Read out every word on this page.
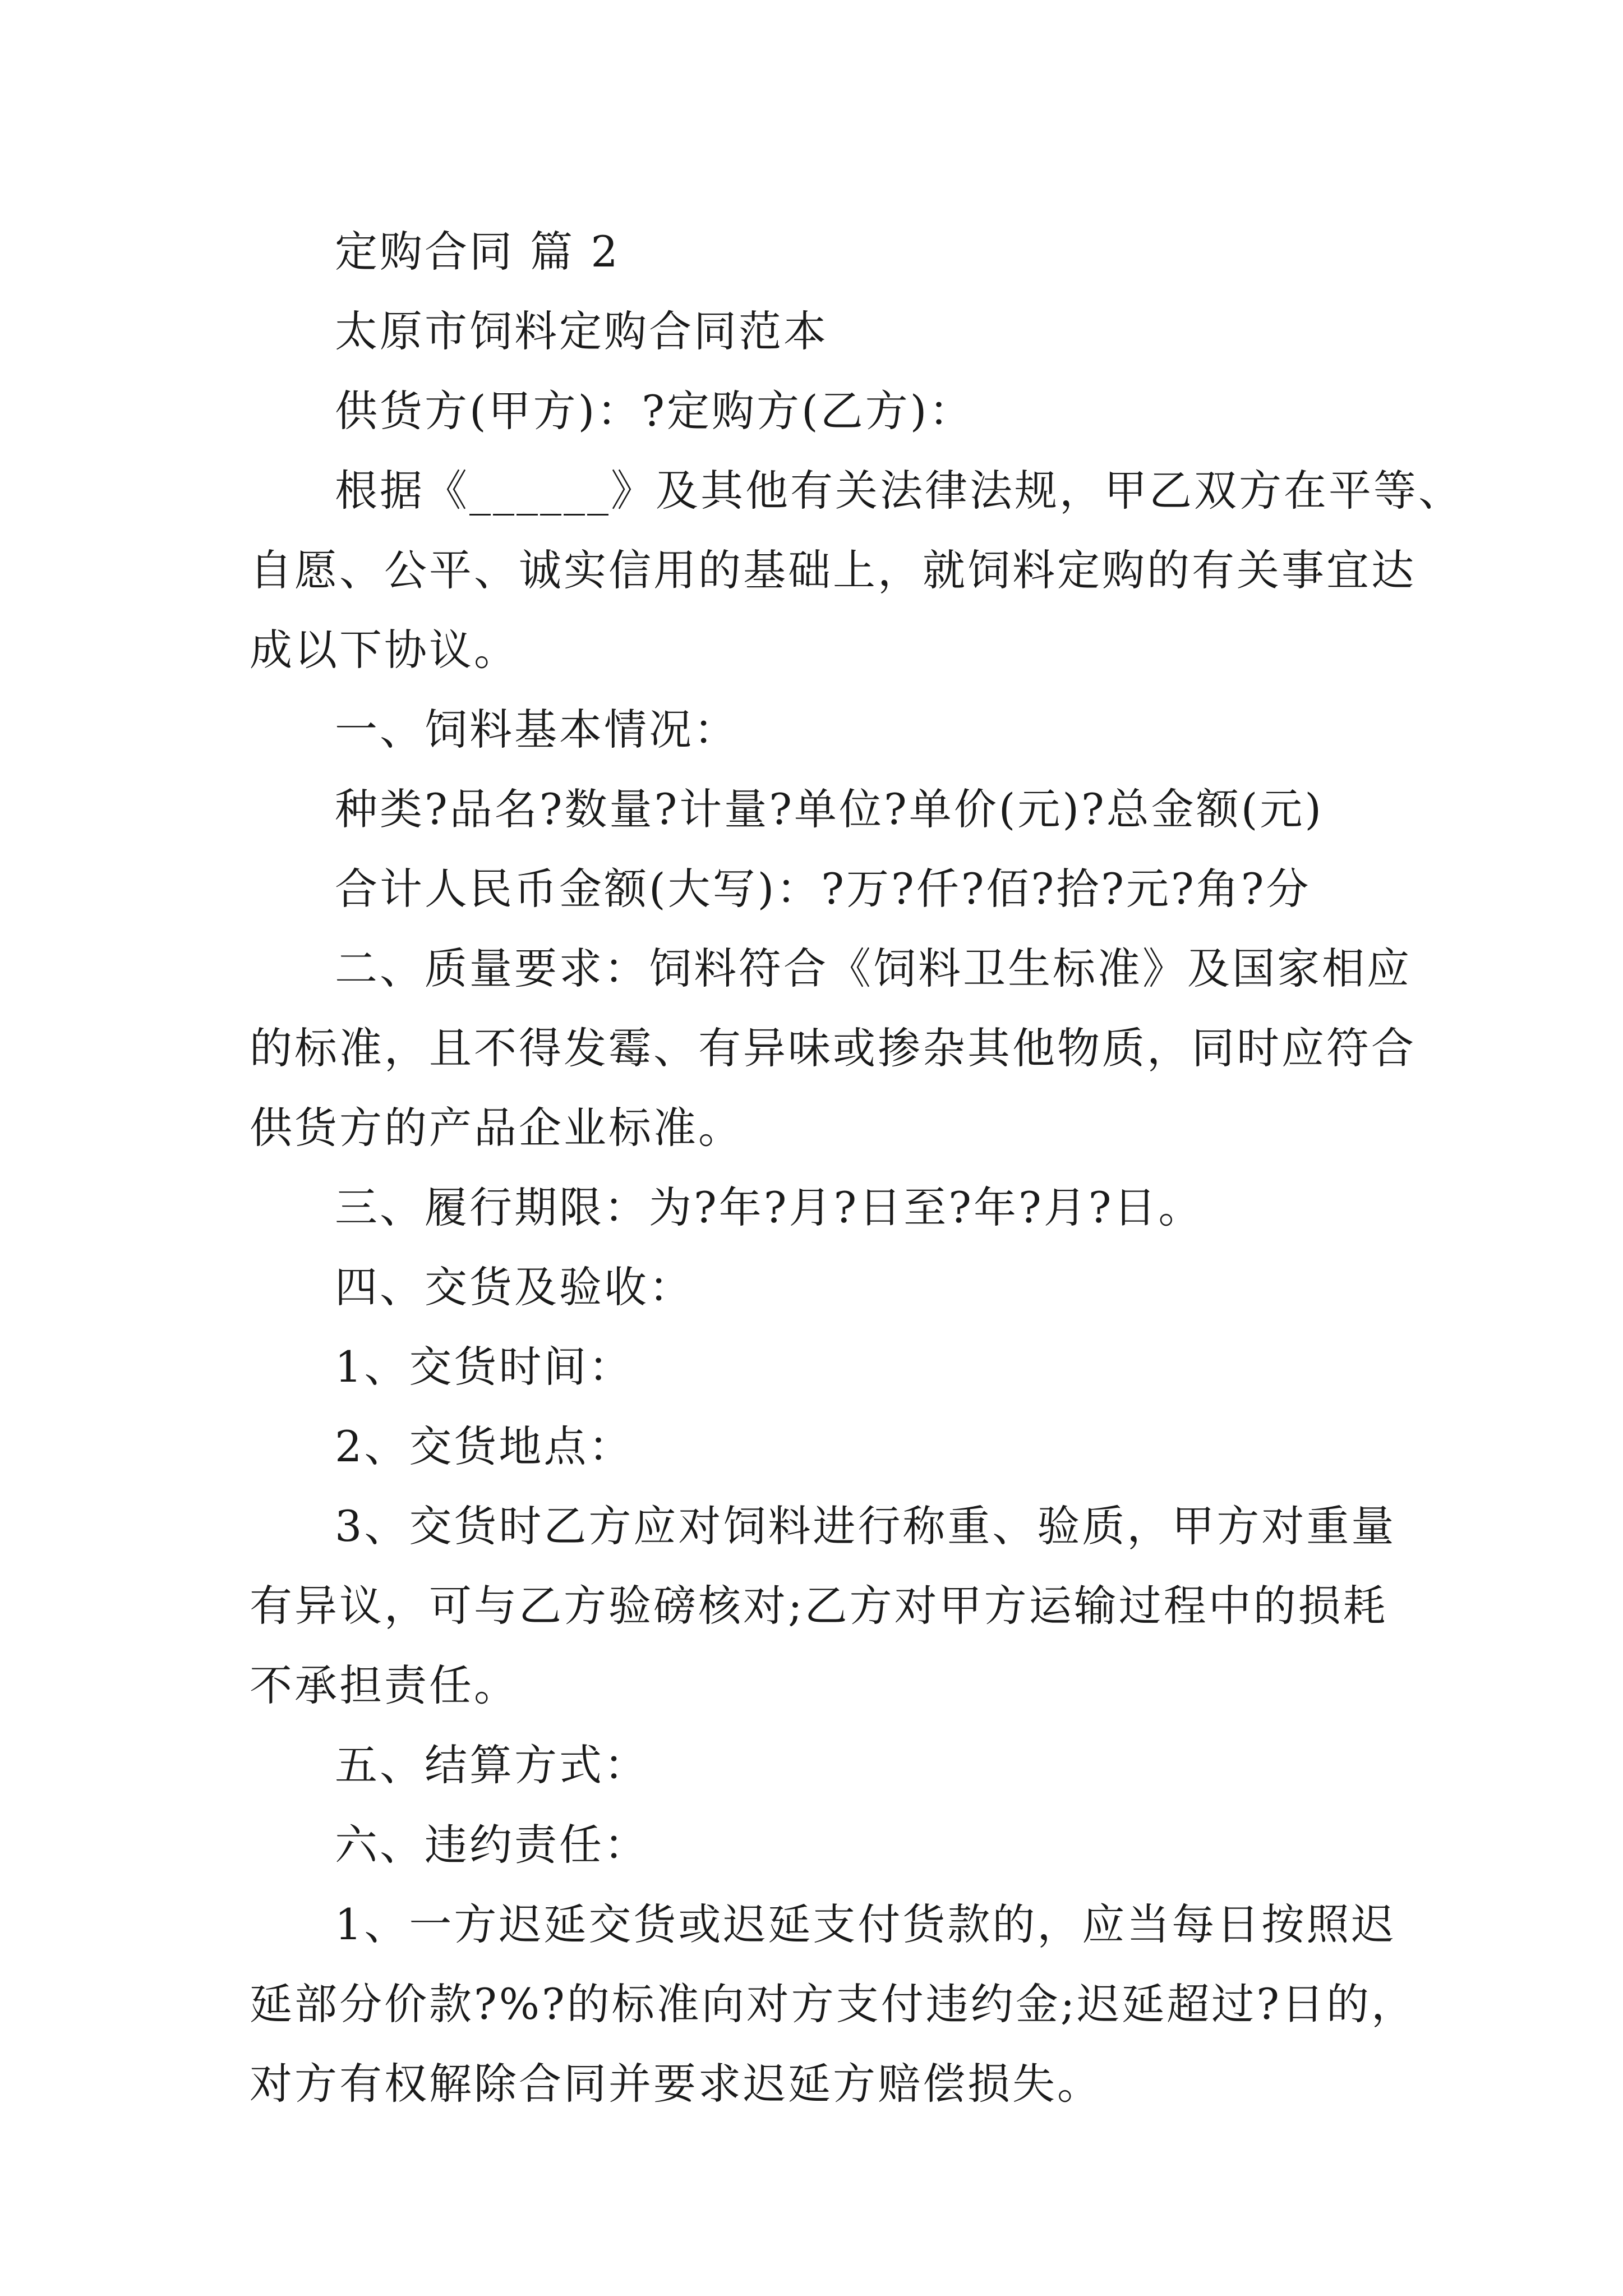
定购合同 篇 2
太原市饲料定购合同范本
供货方(甲方)：?定购方(乙方)：
根据《______》及其他有关法律法规，甲乙双方在平等、
自愿、公平、诚实信用的基础上，就饲料定购的有关事宜达
成以下协议。
一、饲料基本情况：
种类?品名?数量?计量?单位?单价(元)?总金额(元)
合计人民币金额(大写)：?万?仟?佰?拾?元?角?分
二、质量要求：饲料符合《饲料卫生标准》及国家相应
的标准，且不得发霉、有异味或掺杂其他物质，同时应符合
供货方的产品企业标准。
三、履行期限：为?年?月?日至?年?月?日。
四、交货及验收：
1、交货时间：
2、交货地点：
3、交货时乙方应对饲料进行称重、验质，甲方对重量
有异议，可与乙方验磅核对;乙方对甲方运输过程中的损耗
不承担责任。
五、结算方式：
六、违约责任：
1、一方迟延交货或迟延支付货款的，应当每日按照迟
延部分价款?%?的标准向对方支付违约金;迟延超过?日的，
对方有权解除合同并要求迟延方赔偿损失。
